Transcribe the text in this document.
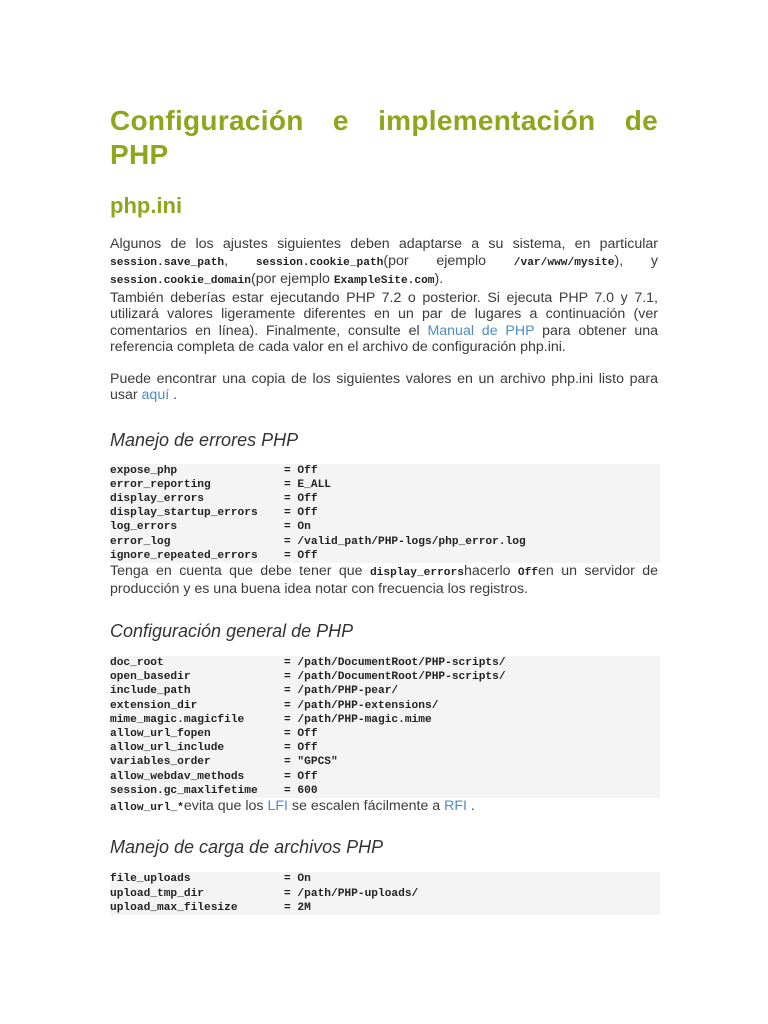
Configuración e implementación de PHP
php.ini

Algunos de los ajustes siguientes deben adaptarse a su sistema, en particular session.save_path, session.cookie_path(por ejemplo /var/www/mysite), y session.cookie_domain(por ejemplo ExampleSite.com).

También deberías estar ejecutando PHP 7.2 o posterior. Si ejecuta PHP 7.0 y 7.1, utilizará valores ligeramente diferentes en un par de lugares a continuación (ver comentarios en línea). Finalmente, consulte el Manual de PHP para obtener una referencia completa de cada valor en el archivo de configuración php.ini.

Puede encontrar una copia de los siguientes valores en un archivo php.ini listo para usar aquí .

Manejo de errores PHP
expose_php	= Off
error_reporting	= E_ALL
display_errors	= Off
display_startup_errors	= Off
log_errors	= On
error_log	= /valid_path/PHP-logs/php_error.log
ignore_repeated_errors	= Off

Tenga en cuenta que debe tener que display_errorshacerlo Offen un servidor de producción y es una buena idea notar con frecuencia los registros.

Configuración general de PHP
doc_root	= /path/DocumentRoot/PHP-scripts/
open_basedir	= /path/DocumentRoot/PHP-scripts/
include_path	= /path/PHP-pear/
extension_dir	= /path/PHP-extensions/
mime_magic.magicfile	= /path/PHP-magic.mime
allow_url_fopen	= Off
allow_url_include	= Off
variables_order	= "GPCS"
allow_webdav_methods	= Off
session.gc_maxlifetime	= 600

allow_url_*evita que los LFI se escalen fácilmente a RFI .

Manejo de carga de archivos PHP
file_uploads	= On
upload_tmp_dir	= /path/PHP-uploads/
upload_max_filesize	= 2M
